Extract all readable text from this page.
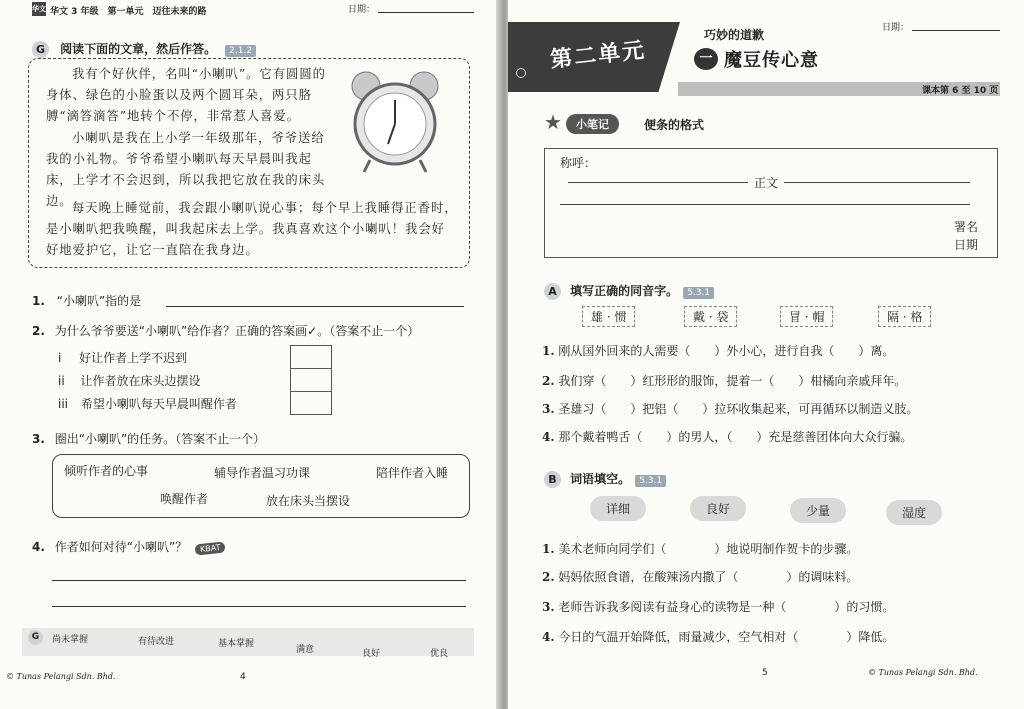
华文 华文 3 年级　第一单元　迈往未来的路	日期：
G 阅读下面的文章，然后作答。 2.1.2
我有个好伙伴，名叫“小喇叭”。它有圆圆的身体、绿色的小脸蛋以及两个圆耳朵，两只胳膊“滴答滴答”地转个不停，非常惹人喜爱。
小喇叭是我在上小学一年级那年，爷爷送给我的小礼物。爷爷希望小喇叭每天早晨叫我起床，上学才不会迟到，所以我把它放在我的床头边。 每天晚上睡觉前，我会跟小喇叭说心事；每个早上我睡得正香时，是小喇叭把我唤醒，叫我起床去上学。我真喜欢这个小喇叭！我会好好地爱护它，让它一直陪在我身边。
1. “小喇叭”指的是
2. 为什么爷爷要送“小喇叭”给作者？正确的答案画✓。（答案不止一个）
i 好让作者上学不迟到
ii 让作者放在床头边摆设
iii 希望小喇叭每天早晨叫醒作者
3. 圈出“小喇叭”的任务。（答案不止一个）
倾听作者的心事	辅导作者温习功课	陪伴作者入睡
唤醒作者	放在床头当摆设
4. 作者如何对待“小喇叭”？ KBAT
G	尚未掌握	有待改进	基本掌握
满意	良好	优良
© Tunas Pelangi Sdn. Bhd.	4
第二单元
巧妙的道歉
一 魔豆传心意
日期：
课本第 6 至 10 页
★	小笔记	便条的格式
称呼：
正文
署名
日期
A 填写正确的同音字。 5.3.1
雄 · 惯	戴 · 袋	冒 · 帽	隔 · 格
1. 刚从国外回来的人需要（　　）外小心，进行自我（　　）离。
2. 我们穿（　　）红形形的服饰，提着一（　　）柑橘向亲戚拜年。
3. 圣雄习（　　）把铝（　　）拉环收集起来，可再循环以制造义肢。
4. 那个戴着鸭舌（　　）的男人，（　　）充是慈善团体向大众行骗。
B 词语填空。 5.3.1
详细	良好	少量	湿度
1. 美术老师向同学们（　　　　）地说明制作贺卡的步骤。
2. 妈妈依照食谱，在酸辣汤内撒了（　　　　）的调味料。
3. 老师告诉我多阅读有益身心的读物是一种（　　　　）的习惯。
4. 今日的气温开始降低，雨量减少，空气相对（　　　　）降低。
5	© Tunas Pelangi Sdn. Bhd.
